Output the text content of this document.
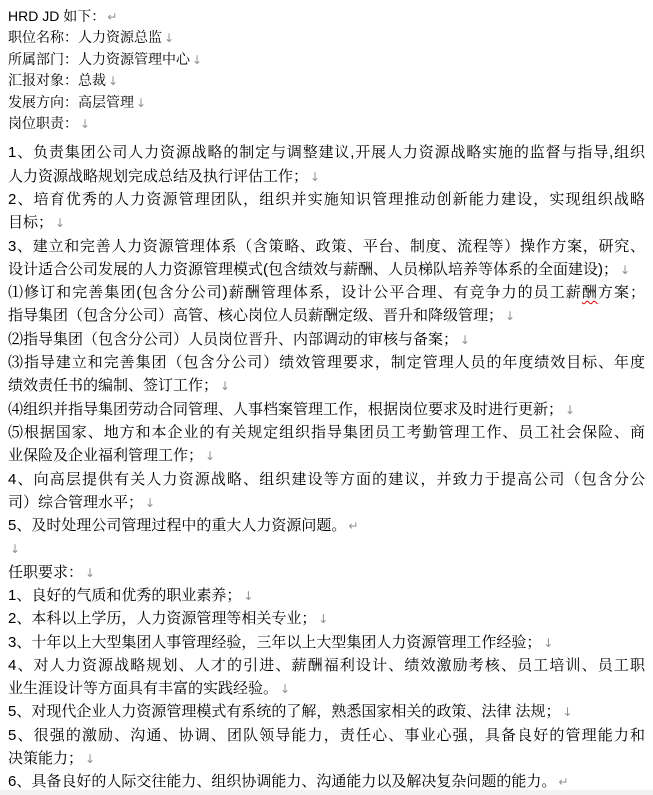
HRD JD 如下： ↵
职位名称：人力资源总监 ↓
所属部门：人力资源管理中心 ↓
汇报对象：总裁 ↓
发展方向：高层管理 ↓
岗位职责： ↓
1、负责集团公司人力资源战略的制定与调整建议,开展人力资源战略实施的监督与指导,组织
人力资源战略规划完成总结及执行评估工作； ↓
2、培育优秀的人力资源管理团队，组织并实施知识管理推动创新能力建设，实现组织战略
目标； ↓
3、建立和完善人力资源管理体系（含策略、政策、平台、制度、流程等）操作方案，研究、
设计适合公司发展的人力资源管理模式(包含绩效与薪酬、人员梯队培养等体系的全面建设)； ↓
⑴修订和完善集团(包含分公司)薪酬管理体系，设计公平合理、有竞争力的员工薪酬方案；
指导集团（包含分公司）高管、核心岗位人员薪酬定级、晋升和降级管理； ↓
⑵指导集团（包含分公司）人员岗位晋升、内部调动的审核与备案； ↓
⑶指导建立和完善集团（包含分公司）绩效管理要求，制定管理人员的年度绩效目标、年度
绩效责任书的编制、签订工作； ↓
⑷组织并指导集团劳动合同管理、人事档案管理工作，根据岗位要求及时进行更新； ↓
⑸根据国家、地方和本企业的有关规定组织指导集团员工考勤管理工作、员工社会保险、商
业保险及企业福利管理工作； ↓
4、向高层提供有关人力资源战略、组织建设等方面的建议，并致力于提高公司（包含分公
司）综合管理水平； ↓
5、及时处理公司管理过程中的重大人力资源问题。 ↵
↓
任职要求： ↓
1、良好的气质和优秀的职业素养； ↓
2、本科以上学历，人力资源管理等相关专业； ↓
3、十年以上大型集团人事管理经验，三年以上大型集团人力资源管理工作经验； ↓
4、对人力资源战略规划、人才的引进、薪酬福利设计、绩效激励考核、员工培训、员工职
业生涯设计等方面具有丰富的实践经验。 ↓
5、对现代企业人力资源管理模式有系统的了解，熟悉国家相关的政策、法律 法规； ↓
5、很强的激励、沟通、协调、团队领导能力，责任心、事业心强，具备良好的管理能力和
决策能力； ↓
6、具备良好的人际交往能力、组织协调能力、沟通能力以及解决复杂问题的能力。 ↵
